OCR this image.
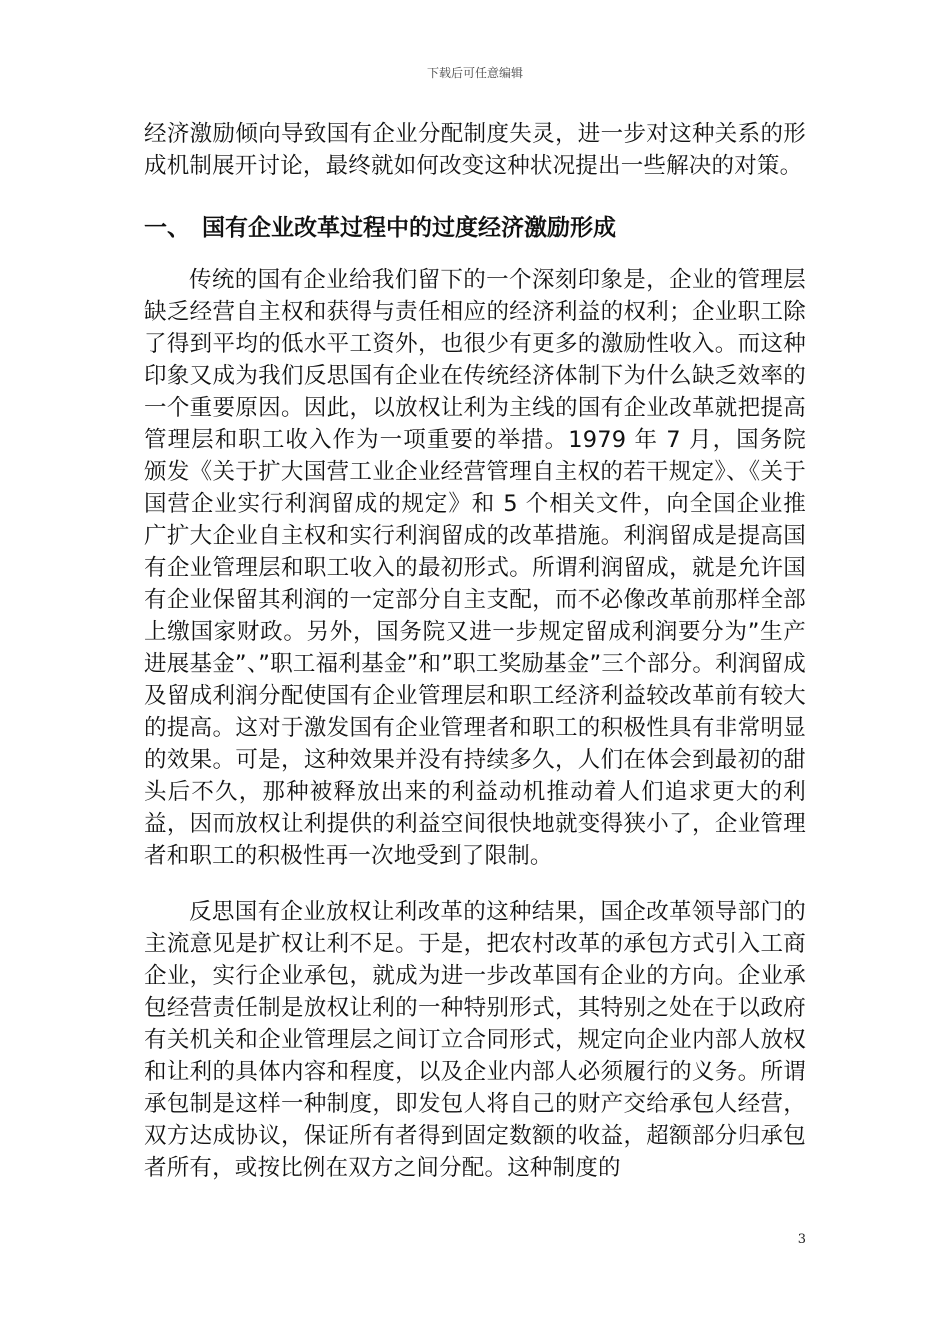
下载后可任意编辑

经济激励倾向导致国有企业分配制度失灵，进一步对这种关系的形成机制展开讨论，最终就如何改变这种状况提出一些解决的对策。

一、 国有企业改革过程中的过度经济激励形成

传统的国有企业给我们留下的一个深刻印象是，企业的管理层缺乏经营自主权和获得与责任相应的经济利益的权利；企业职工除了得到平均的低水平工资外，也很少有更多的激励性收入。而这种印象又成为我们反思国有企业在传统经济体制下为什么缺乏效率的一个重要原因。因此，以放权让利为主线的国有企业改革就把提高管理层和职工收入作为一项重要的举措。1979 年 7 月，国务院颁发《关于扩大国营工业企业经营管理自主权的若干规定》、《关于国营企业实行利润留成的规定》和 5 个相关文件，向全国企业推广扩大企业自主权和实行利润留成的改革措施。利润留成是提高国有企业管理层和职工收入的最初形式。所谓利润留成，就是允许国有企业保留其利润的一定部分自主支配，而不必像改革前那样全部上缴国家财政。另外，国务院又进一步规定留成利润要分为”生产进展基金”、”职工福利基金”和”职工奖励基金”三个部分。利润留成及留成利润分配使国有企业管理层和职工经济利益较改革前有较大的提高。这对于激发国有企业管理者和职工的积极性具有非常明显的效果。可是，这种效果并没有持续多久，人们在体会到最初的甜头后不久，那种被释放出来的利益动机推动着人们追求更大的利益，因而放权让利提供的利益空间很快地就变得狭小了，企业管理者和职工的积极性再一次地受到了限制。

反思国有企业放权让利改革的这种结果，国企改革领导部门的主流意见是扩权让利不足。于是，把农村改革的承包方式引入工商企业，实行企业承包，就成为进一步改革国有企业的方向。企业承包经营责任制是放权让利的一种特别形式，其特别之处在于以政府有关机关和企业管理层之间订立合同形式，规定向企业内部人放权和让利的具体内容和程度，以及企业内部人必须履行的义务。所谓承包制是这样一种制度，即发包人将自己的财产交给承包人经营，双方达成协议，保证所有者得到固定数额的收益，超额部分归承包者所有，或按比例在双方之间分配。这种制度的

3
